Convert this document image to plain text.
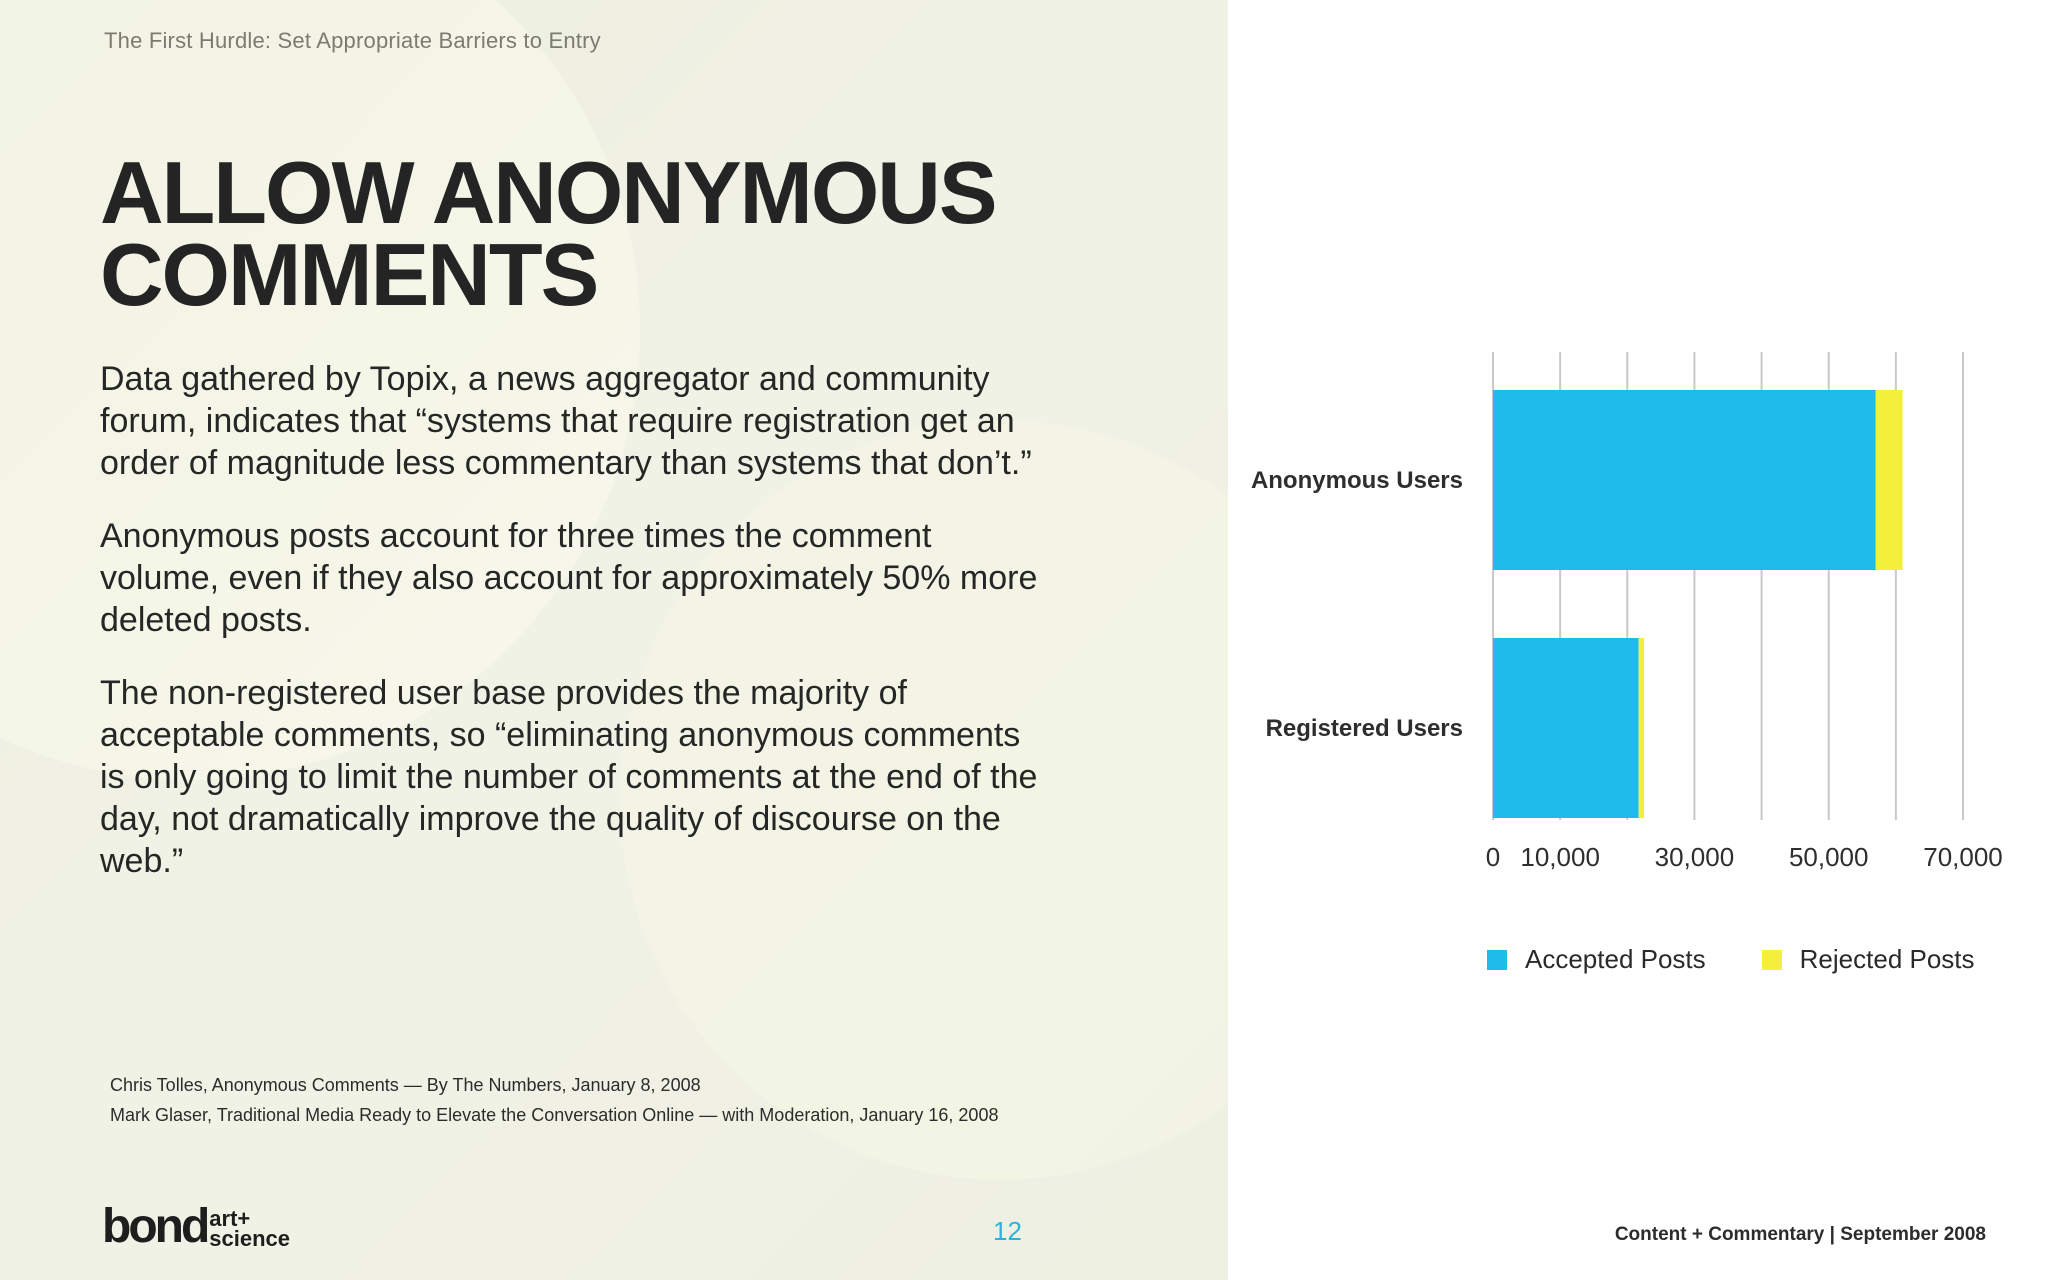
The First Hurdle: Set Appropriate Barriers to Entry
ALLOW ANONYMOUS COMMENTS

Data gathered by Topix, a news aggregator and community forum, indicates that “systems that require registration get an order of magnitude less commentary than systems that don’t.”

Anonymous posts account for three times the comment volume, even if they also account for approximately 50% more deleted posts.

The non-registered user base provides the majority of acceptable comments, so “eliminating anonymous comments is only going to limit the number of comments at the end of the day, not dramatically improve the quality of discourse on the web.”

Chris Tolles, Anonymous Comments — By The Numbers, January 8, 2008
Mark Glaser, Traditional Media Ready to Elevate the Conversation Online — with Moderation, January 16, 2008
bond art+
science	12	Content + Commentary | September 2008
Anonymous Users
Registered Users
0 10,000 30,000 50,000 70,000
Accepted Posts	Rejected Posts
